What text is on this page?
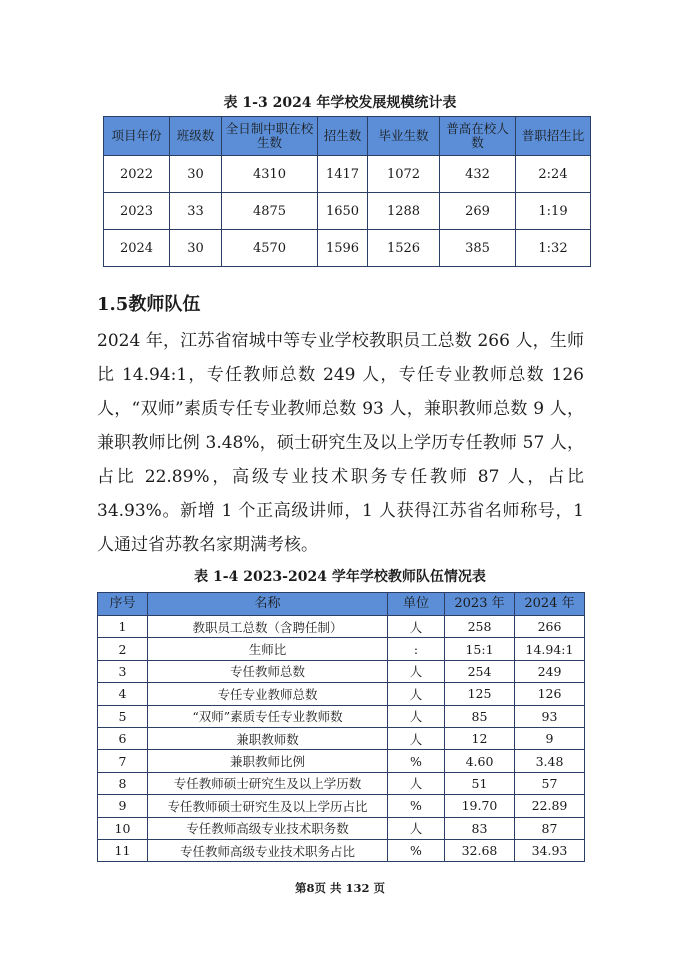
表 1-3 2024 年学校发展规模统计表
项目年份	班级数	全日制中职在校生数	招生数	毕业生数	普高在校人数	普职招生比
2022	30	4310	1417	1072	432	2:24
2023	33	4875	1650	1288	269	1:19
2024	30	4570	1596	1526	385	1:32
1.5教师队伍

2024 年，江苏省宿城中等专业学校教职员工总数 266 人，生师比 14.94:1，专任教师总数 249 人，专任专业教师总数 126 人，“双师”素质专任专业教师总数 93 人，兼职教师总数 9 人，兼职教师比例 3.48%，硕士研究生及以上学历专任教师 57 人，占比 22.89%，高级专业技术职务专任教师 87 人，占比 34.93%。新增 1 个正高级讲师，1 人获得江苏省名师称号，1 人通过省苏教名家期满考核。

表 1-4 2023-2024 学年学校教师队伍情况表
序号	名称	单位	2023 年	2024 年
1	教职员工总数（含聘任制）	人	258	266
2	生师比	:	15:1	14.94:1
3	专任教师总数	人	254	249
4	专任专业教师总数	人	125	126
5	“双师”素质专任专业教师数	人	85	93
6	兼职教师数	人	12	9
7	兼职教师比例	%	4.60	3.48
8	专任教师硕士研究生及以上学历数	人	51	57
9	专任教师硕士研究生及以上学历占比	%	19.70	22.89
10	专任教师高级专业技术职务数	人	83	87
11	专任教师高级专业技术职务占比	%	32.68	34.93
第8页 共 132 页
